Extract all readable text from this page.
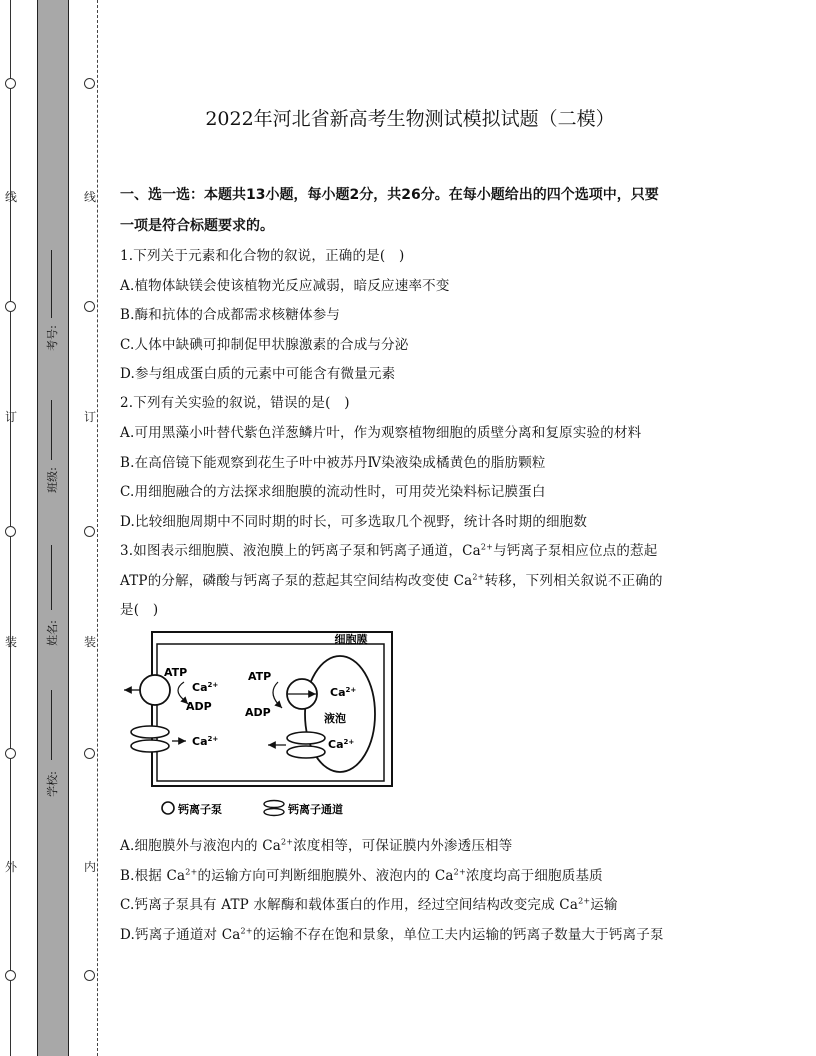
线
订
装
外
线
订
装
内
考号:
班级:
姓名:
学校:
2022年河北省新高考生物测试模拟试题（二模）
一、选一选：本题共13小题，每小题2分，共26分。在每小题给出的四个选项中，只要
一项是符合标题要求的。
1.下列关于元素和化合物的叙说，正确的是(　)
A.植物体缺镁会使该植物光反应减弱，暗反应速率不变
B.酶和抗体的合成都需求核糖体参与
C.人体中缺碘可抑制促甲状腺激素的合成与分泌
D.参与组成蛋白质的元素中可能含有微量元素
2.下列有关实验的叙说，错误的是(　)
A.可用黑藻小叶替代紫色洋葱鳞片叶，作为观察植物细胞的质壁分离和复原实验的材料
B.在高倍镜下能观察到花生子叶中被苏丹Ⅳ染液染成橘黄色的脂肪颗粒
C.用细胞融合的方法探求细胞膜的流动性时，可用荧光染料标记膜蛋白
D.比较细胞周期中不同时期的时长，可多选取几个视野，统计各时期的细胞数
3.如图表示细胞膜、液泡膜上的钙离子泵和钙离子通道，$Ca^{2+}$与钙离子泵相应位点的惹起
ATP的分解，磷酸与钙离子泵的惹起其空间结构改变使 $Ca^{2+}$转移，下列相关叙说不正确的
是(　)
细胞膜
ATP
$Ca^{2+}$
ADP
$Ca^{2+}$
液泡
ATP
ADP
$Ca^{2+}$
$Ca^{2+}$
钙离子泵	钙离子通道
A.细胞膜外与液泡内的 $Ca^{2+}$浓度相等，可保证膜内外渗透压相等
B.根据 $Ca^{2+}$的运输方向可判断细胞膜外、液泡内的 $Ca^{2+}$浓度均高于细胞质基质
C.钙离子泵具有 ATP 水解酶和载体蛋白的作用，经过空间结构改变完成 $Ca^{2+}$运输
D.钙离子通道对 $Ca^{2+}$的运输不存在饱和景象，单位工夫内运输的钙离子数量大于钙离子泵
